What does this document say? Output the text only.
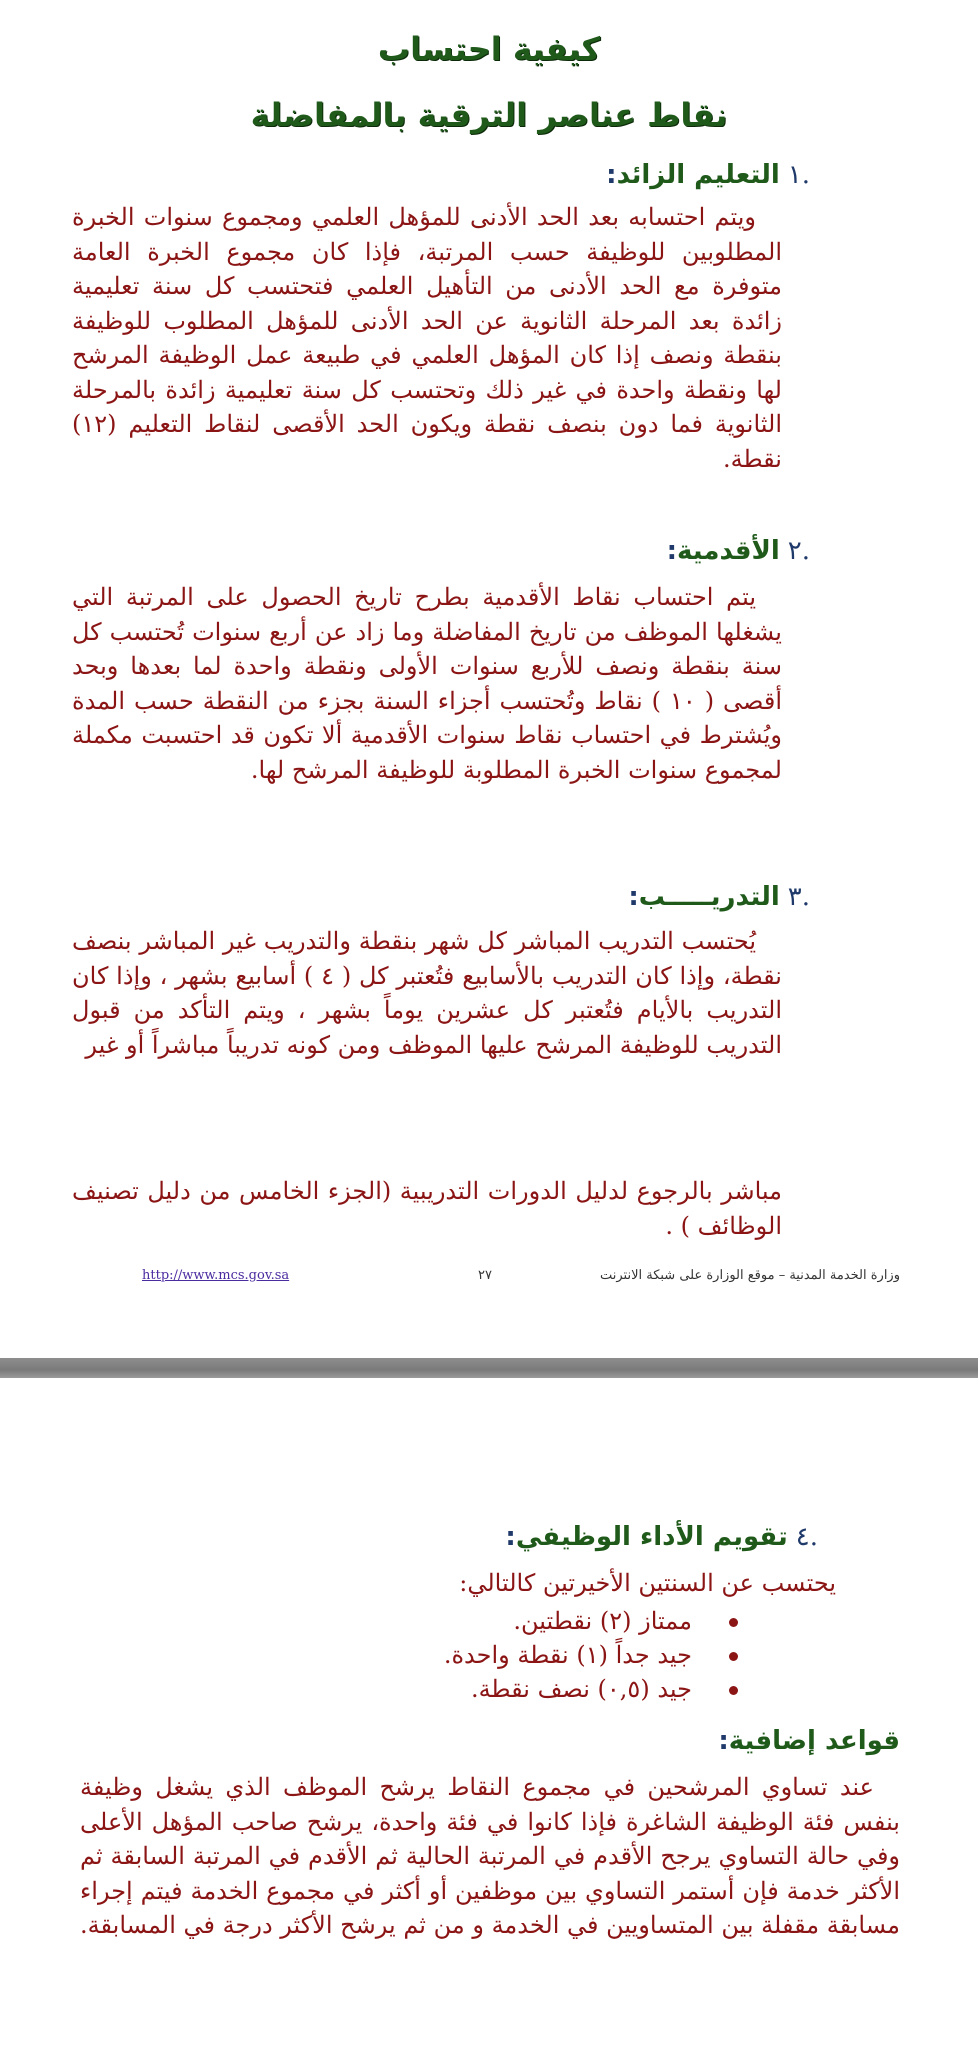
كيفية احتساب
نقاط عناصر الترقية بالمفاضلة
.١التعليم الزائد:
ويتم احتسابه بعد الحد الأدنى للمؤهل العلمي ومجموع سنوات الخبرة المطلوبين للوظيفة حسب المرتبة، فإذا كان مجموع الخبرة العامة متوفرة مع الحد الأدنى من التأهيل العلمي فتحتسب كل سنة تعليمية زائدة بعد المرحلة الثانوية عن الحد الأدنى للمؤهل المطلوب للوظيفة بنقطة ونصف إذا كان المؤهل العلمي في طبيعة عمل الوظيفة المرشح لها ونقطة واحدة في غير ذلك وتحتسب كل سنة تعليمية زائدة بالمرحلة الثانوية فما دون بنصف نقطة ويكون الحد الأقصى لنقاط التعليم (١٢) نقطة.
.٢الأقدمية:
يتم احتساب نقاط الأقدمية بطرح تاريخ الحصول على المرتبة التي يشغلها الموظف من تاريخ المفاضلة وما زاد عن أربع سنوات تُحتسب كل سنة بنقطة ونصف للأربع سنوات الأولى ونقطة واحدة لما بعدها وبحد أقصى ( ١٠ ) نقاط وتُحتسب أجزاء السنة بجزء من النقطة حسب المدة ويُشترط في احتساب نقاط سنوات الأقدمية ألا تكون قد احتسبت مكملة لمجموع سنوات الخبرة المطلوبة للوظيفة المرشح لها.
.٣التدريـــــب:
يُحتسب التدريب المباشر كل شهر بنقطة والتدريب غير المباشر بنصف نقطة، وإذا كان التدريب بالأسابيع فتُعتبر كل ( ٤ ) أسابيع بشهر ، وإذا كان التدريب بالأيام فتُعتبر كل عشرين يوماً بشهر ، ويتم التأكد من قبول التدريب للوظيفة المرشح عليها الموظف ومن كونه تدريباً مباشراً أو غير
مباشر بالرجوع لدليل الدورات التدريبية (الجزء الخامس من دليل تصنيف الوظائف ) .
http://www.mcs.gov.sa	٢٧	وزارة الخدمة المدنية – موقع الوزارة على شبكة الانترنت
.٤تقويم الأداء الوظيفي:
يحتسب عن السنتين الأخيرتين كالتالي:
ممتاز (٢) نقطتين.
جيد جداً (١) نقطة واحدة.
جيد (٠,٥) نصف نقطة.
قواعد إضافية:
عند تساوي المرشحين في مجموع النقاط يرشح الموظف الذي يشغل وظيفة بنفس فئة الوظيفة الشاغرة فإذا كانوا في فئة واحدة، يرشح صاحب المؤهل الأعلى وفي حالة التساوي يرجح الأقدم في المرتبة الحالية ثم الأقدم في المرتبة السابقة ثم الأكثر خدمة فإن أستمر التساوي بين موظفين أو أكثر في مجموع الخدمة فيتم إجراء مسابقة مقفلة بين المتساويين في الخدمة و من ثم يرشح الأكثر درجة في المسابقة.
